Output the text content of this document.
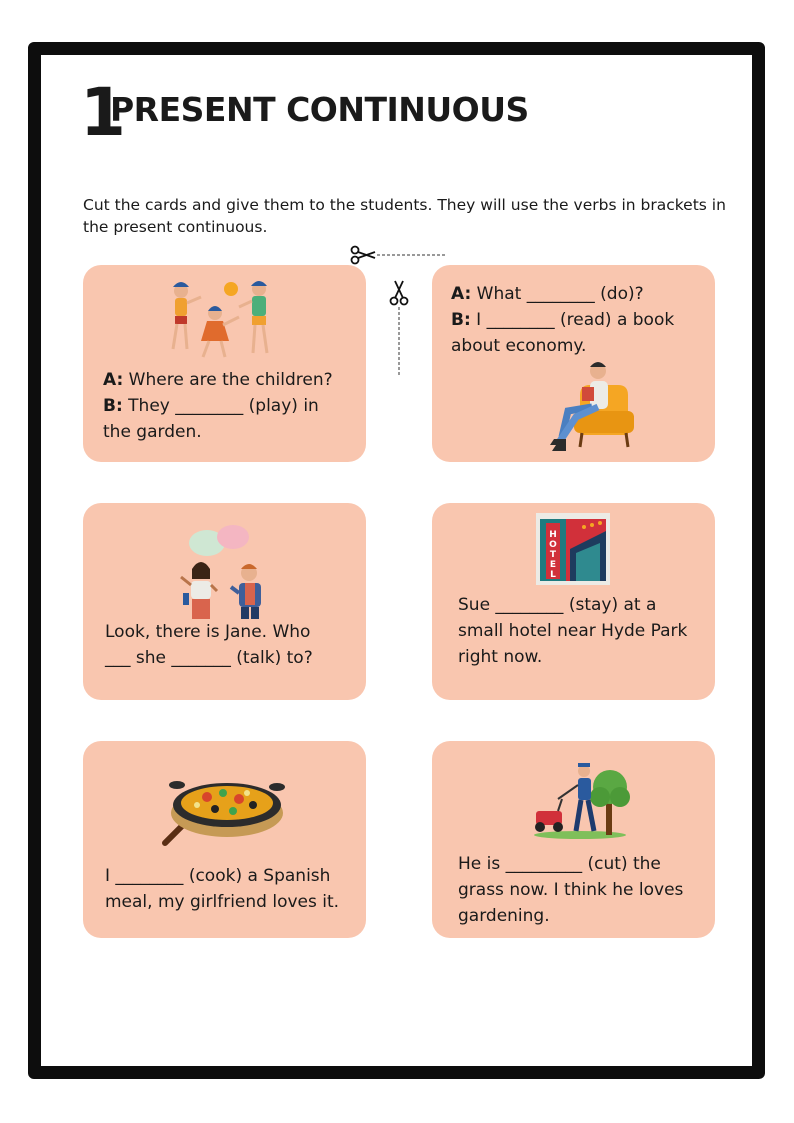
1
PRESENT CONTINUOUS
Cut the cards and give them to the students. They will use the verbs in brackets in the present continuous.
A: Where are the children?
B: They ________ (play) in
the garden.
A: What ________ (do)?
B: I ________ (read) a book
about economy.
Look, there is Jane. Who
___ she _______ (talk) to?
H
O
T
E
L
Sue ________ (stay) at a
small hotel near Hyde Park
right now.
I ________ (cook) a Spanish
meal, my girlfriend loves it.
He is _________ (cut) the
grass now. I think he loves
gardening.
